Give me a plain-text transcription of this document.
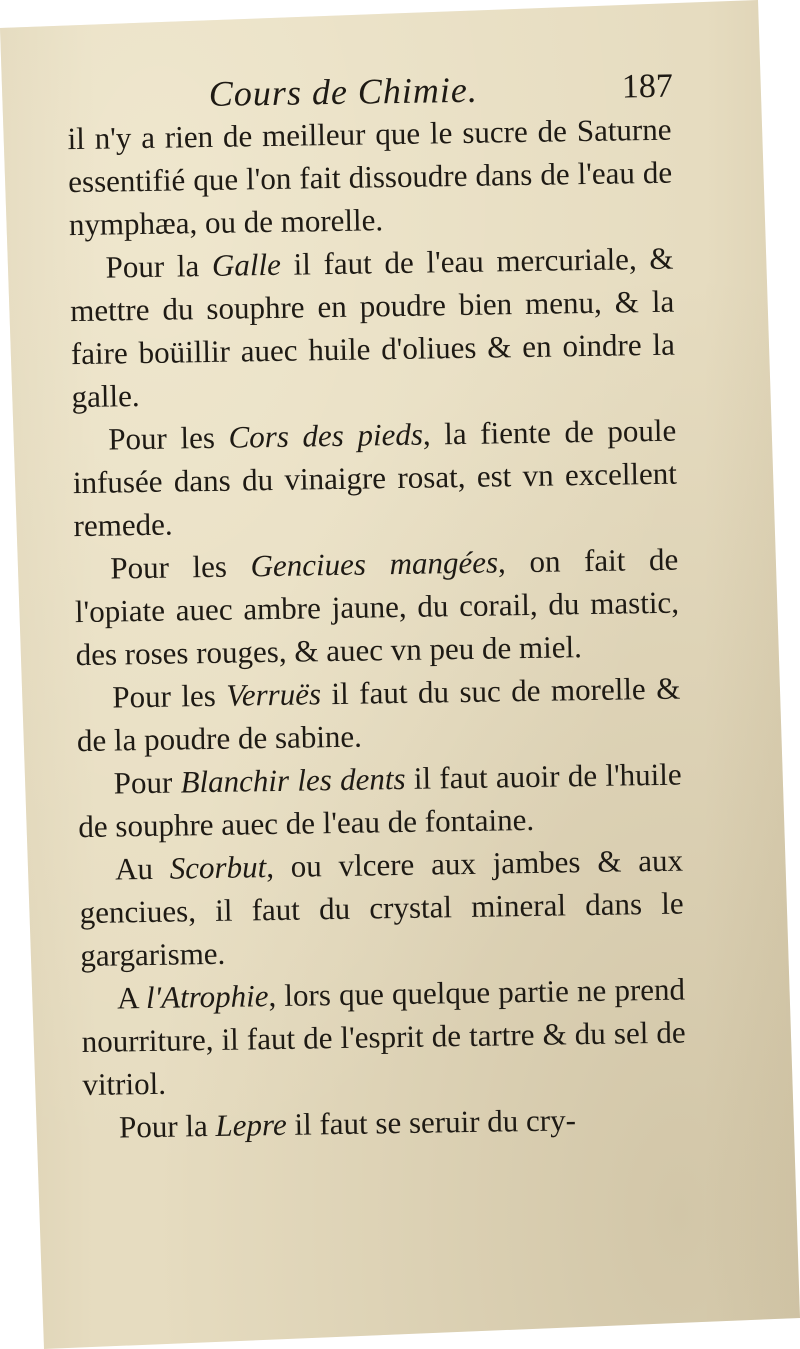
Cours de Chimie.	187

il n'y a rien de meilleur que le sucre de Saturne essentifié que l'on fait dissoudre dans de l'eau de nymphæa, ou de morelle.

Pour la Galle il faut de l'eau mercuriale, & mettre du souphre en poudre bien menu, & la faire boüillir auec huile d'oliues & en oindre la galle.

Pour les Cors des pieds, la fiente de poule infusée dans du vinaigre rosat, est vn excellent remede.

Pour les Genciues mangées, on fait de l'opiate auec ambre jaune, du corail, du mastic, des roses rouges, & auec vn peu de miel.

Pour les Verruës il faut du suc de morelle & de la poudre de sabine.

Pour Blanchir les dents il faut auoir de l'huile de souphre auec de l'eau de fontaine.

Au Scorbut, ou vlcere aux jambes & aux genciues, il faut du crystal mineral dans le gargarisme.

A l'Atrophie, lors que quelque partie ne prend nourriture, il faut de l'esprit de tartre & du sel de vitriol.

Pour la Lepre il faut se seruir du cry-
